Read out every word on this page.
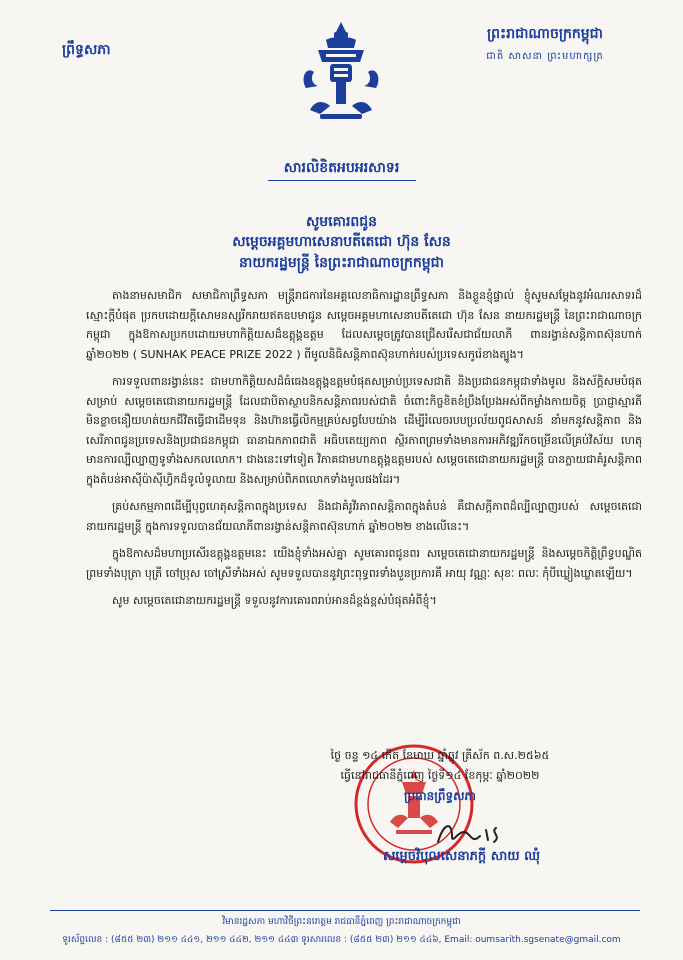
ព្រឹទ្ធសភា
ព្រះរាជាណាចក្រកម្ពុជា
ជាតិ សាសនា ព្រះមហាក្សត្រ
សារលិខិតអបអរសាទរ
សូមគោរពជូន
សម្តេចអគ្គមហាសេនាបតីតេជោ ហ៊ុន សែន
នាយករដ្ឋមន្ត្រី នៃព្រះរាជាណាចក្រកម្ពុជា

តាងនាមសមាជិក សមាជិកាព្រឹទ្ធសភា មន្ត្រីរាជការនៃអគ្គលេខាធិការដ្ឋានព្រឹទ្ធសភា និងខ្លួនខ្ញុំផ្ទាល់ ខ្ញុំសូមសម្តែងនូវអំណរសាទរដ៏ស្មោះក្តីបំផុត ប្រកបដោយក្តីសោមនស្សរីករាយឥតឧបមាជូន សម្តេចអគ្គមហាសេនាបតីតេជោ ហ៊ុន សែន នាយករដ្ឋមន្ត្រី នៃព្រះរាជាណាចក្រកម្ពុជា ក្នុងឱកាសប្រកបដោយមហាកិត្តិយសដ៏ឧត្តុង្គឧត្តម ដែលសម្តេចត្រូវបានជ្រើសរើសជាជ័យលាភី ពានរង្វាន់សន្តិភាពស៊ុនហាក់ ឆ្នាំ២០២២ ( SUNHAK PEACE PRIZE 2022 ) ពីមូលនិធិសន្តិភាពស៊ុនហាក់របស់ប្រទេសកូរ៉េខាងត្បូង។

ការទទួលពានរង្វាន់នេះ ជាមហាកិត្តិយសដ៏ធំធេងឧត្តុង្គឧត្តមបំផុតសម្រាប់ប្រទេសជាតិ និងប្រជាជនកម្ពុជាទាំងមូល និងស័ក្តិសមបំផុតសម្រាប់ សម្តេចតេជោនាយករដ្ឋមន្ត្រី ដែលជាបិតាស្ថាបនិកសន្តិភាពរបស់ជាតិ ចំពោះកិច្ចខិតខំប្រឹងប្រែងអស់ពីកម្លាំងកាយចិត្ត ប្រាជ្ញាស្មារតី មិនខ្លាចនឿយហត់យកជីវិតធ្វើជាដើមទុន និងហ៊ានធ្វើលិកម្មគ្រប់សព្វបែបយ៉ាង ដើម្បីរំលេចរបបប្រល័យពូជសាសន៍ នាំមកនូវសន្តិភាព និងសេរីភាពជូនប្រទេសនិងប្រជាជនកម្ពុជា ធានាឯកភាពជាតិ អធិបតេយ្យភាព ស្ថិរភាពព្រមទាំងមានការអភិវឌ្ឍរីកចម្រើនលើគ្រប់វិស័យ ហេតុមានការល្បីល្បាញទូទាំងសកលលោក។ ជាងនេះទៅទៀត វិភាគជាមហាឧត្តុង្គឧត្តមរបស់ សម្តេចតេជោនាយករដ្ឋមន្ត្រី បានក្លាយជាគំរូសន្តិភាពក្នុងតំបន់អាស៊ីប៉ាស៊ីហ្វិកដ៏ទូលំទូលាយ និងសម្រាប់ពិភពលោកទាំងមូលផងដែរ។

គ្រប់សកម្មភាពដើម្បីបុព្វហេតុសន្តិភាពក្នុងប្រទេស និងជាគំរូវីរភាពសន្តិភាពក្នុងតំបន់ គឺជាសក្តីភាពដ៏ល្បីល្បាញរបស់ សម្តេចតេជោនាយករដ្ឋមន្ត្រី ក្នុងការទទួលបានជ័យលាភីពានរង្វាន់សន្តិភាពស៊ុនហាក់ ឆ្នាំ២០២២ ខាងលើនេះ។

ក្នុងឱកាសដ៏មហាប្រសើរឧត្តុង្គឧត្តមនេះ យើងខ្ញុំទាំងអស់គ្នា សូមគោរពជូនពរ សម្តេចតេជោនាយករដ្ឋមន្ត្រី និងសម្តេចកិត្តិព្រឹទ្ធបណ្ឌិត ព្រមទាំងបុត្រា បុត្រី ចៅប្រុស ចៅស្រីទាំងអស់ សូមទទួលបាននូវព្រះពុទ្ធពរទាំងបួនប្រការគឺ អាយុ វណ្ណៈ សុខៈ ពលៈ កុំបីឃ្លៀងឃ្លាតឡើយ។

សូម សម្តេចតេជោនាយករដ្ឋមន្ត្រី ទទួលនូវការគោរពរាប់អានដ៏ខ្ពង់ខ្ពស់បំផុតអំពីខ្ញុំ។

ថ្ងៃ ចន្ទ ១៤ កើត ខែមាឃ ឆ្នាំឆ្លូវ ត្រីស័ក ព.ស.២៥៦៥
ធ្វើនៅរាជធានីភ្នំពេញ ថ្ងៃទី១៤ ខែកុម្ភៈ ឆ្នាំ២០២២
ប្រធានព្រឹទ្ធសភា
សម្តេចវិបុលសេនាភក្តី សាយ ឈុំ
វិមានរដ្ឋសភា មហាវិថីព្រះនរោត្តម រាជធានីភ្នំពេញ ព្រះរាជាណាចក្រកម្ពុជា
ទូរស័ព្ទលេខ : (៨៥៥ ២៣) ២១១ ៤៤១, ២១១ ៤៤២, ២១១ ៤៤៣ ទូរសារលេខ : (៨៥៥ ២៣) ២១១ ៤៤៦, Email: oumsarith.sgsenate@gmail.com
